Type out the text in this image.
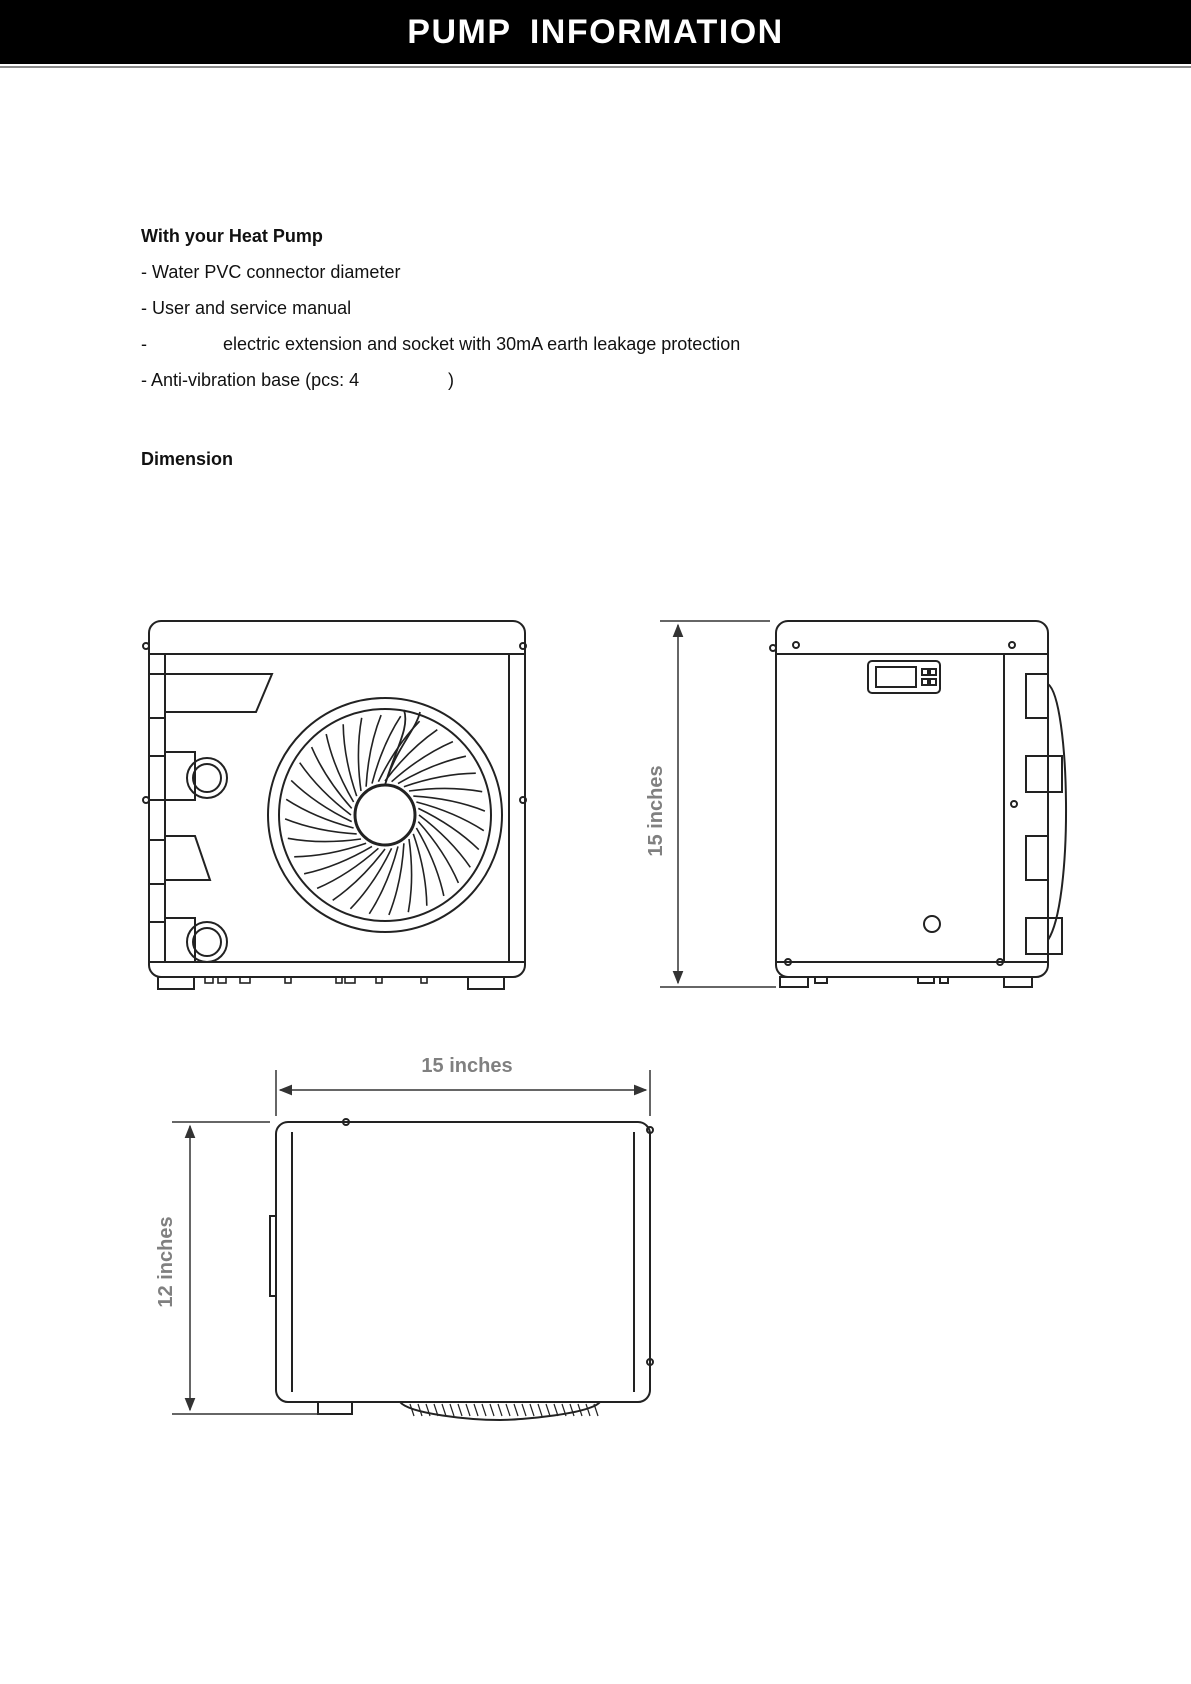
PUMP INFORMATION
With your Heat Pump
- Water PVC connector diameter
- User and service manual
-	electric extension and socket with 30mA earth leakage protection
- Anti-vibration base (pcs: 4	)
Dimension
15 inches
15 inches
12 inches
